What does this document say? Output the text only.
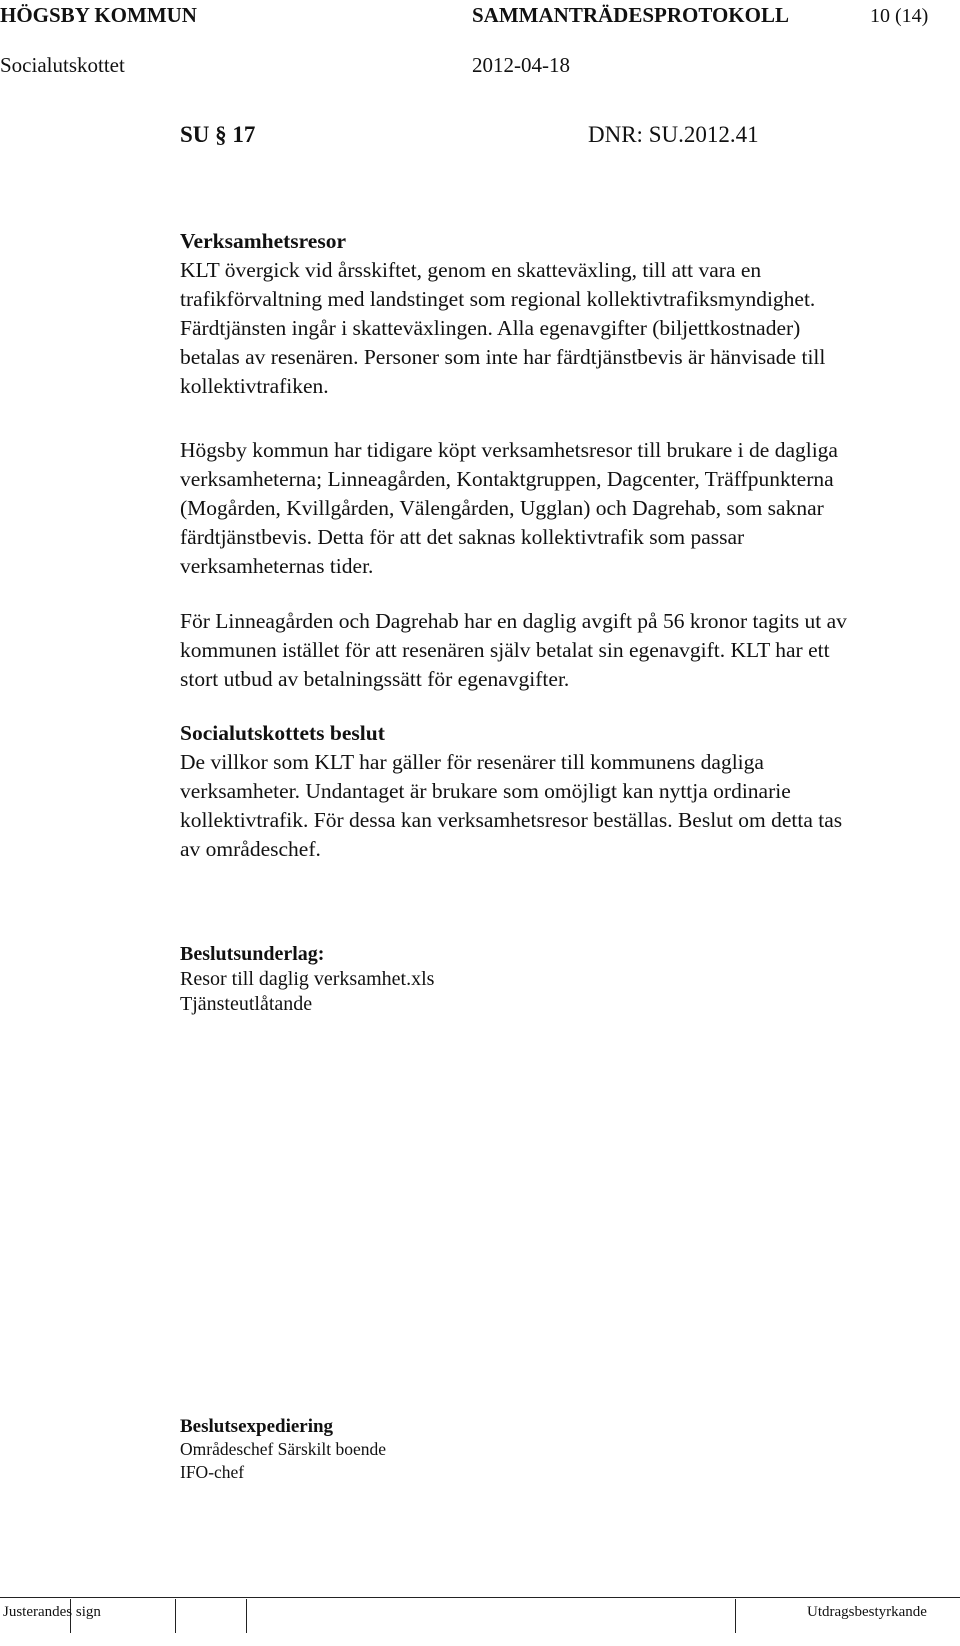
HÖGSBY KOMMUN	SAMMANTRÄDESPROTOKOLL	10 (14)
Socialutskottet	2012-04-18
SU § 17	DNR: SU.2012.41
Verksamhetsresor

KLT övergick vid årsskiftet, genom en skatteväxling, till att vara en

trafikförvaltning med landstinget som regional kollektivtrafiksmyndighet.

Färdtjänsten ingår i skatteväxlingen. Alla egenavgifter (biljettkostnader)

betalas av resenären. Personer som inte har färdtjänstbevis är hänvisade till

kollektivtrafiken.

Högsby kommun har tidigare köpt verksamhetsresor till brukare i de dagliga

verksamheterna; Linneagården, Kontaktgruppen, Dagcenter, Träffpunkterna

(Mogården, Kvillgården, Välengården, Ugglan) och Dagrehab, som saknar

färdtjänstbevis. Detta för att det saknas kollektivtrafik som passar

verksamheternas tider.

För Linneagården och Dagrehab har en daglig avgift på 56 kronor tagits ut av

kommunen istället för att resenären själv betalat sin egenavgift. KLT har ett

stort utbud av betalningssätt för egenavgifter.

Socialutskottets beslut

De villkor som KLT har gäller för resenärer till kommunens dagliga

verksamheter. Undantaget är brukare som omöjligt kan nyttja ordinarie

kollektivtrafik. För dessa kan verksamhetsresor beställas. Beslut om detta tas

av områdeschef.

Beslutsunderlag:

Resor till daglig verksamhet.xls

Tjänsteutlåtande

Beslutsexpediering

Områdeschef Särskilt boende

IFO-chef

Justerandes sign	Utdragsbestyrkande
